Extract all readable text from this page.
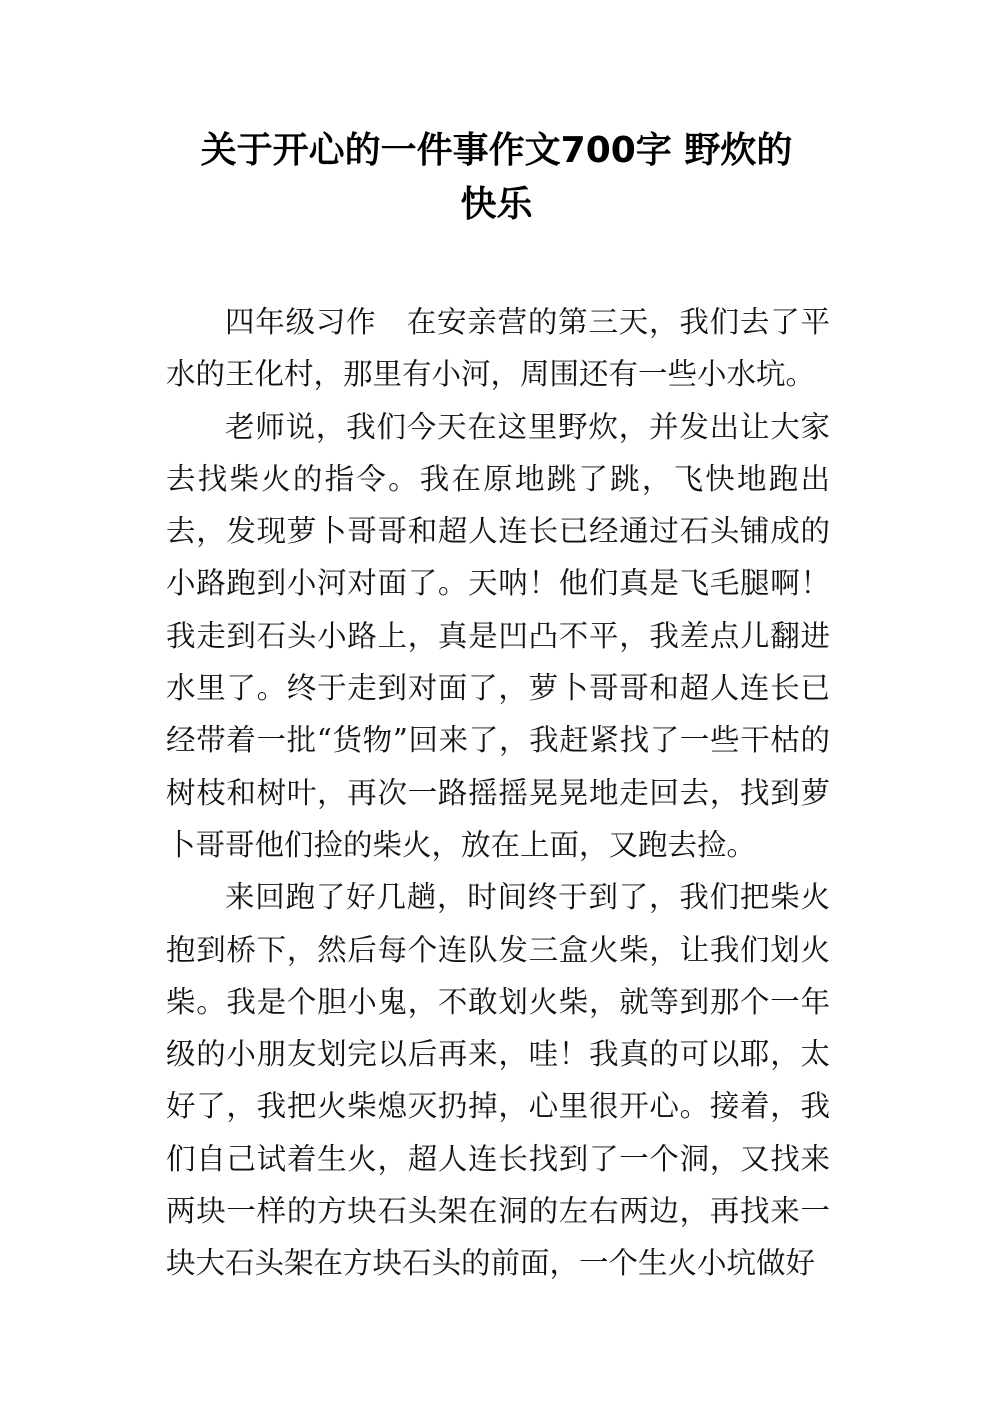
关于开心的一件事作文700字 野炊的
快乐

四年级习作　在安亲营的第三天，我们去了平水的王化村，那里有小河，周围还有一些小水坑。

老师说，我们今天在这里野炊，并发出让大家去找柴火的指令。我在原地跳了跳，飞快地跑出去，发现萝卜哥哥和超人连长已经通过石头铺成的小路跑到小河对面了。天呐！他们真是飞毛腿啊！我走到石头小路上，真是凹凸不平，我差点儿翻进水里了。终于走到对面了，萝卜哥哥和超人连长已经带着一批“货物”回来了，我赶紧找了一些干枯的树枝和树叶，再次一路摇摇晃晃地走回去，找到萝卜哥哥他们捡的柴火，放在上面，又跑去捡。

来回跑了好几趟，时间终于到了，我们把柴火抱到桥下，然后每个连队发三盒火柴，让我们划火柴。我是个胆小鬼，不敢划火柴，就等到那个一年级的小朋友划完以后再来，哇！我真的可以耶，太好了，我把火柴熄灭扔掉，心里很开心。接着，我们自己试着生火，超人连长找到了一个洞，又找来两块一样的方块石头架在洞的左右两边，再找来一块大石头架在方块石头的前面，一个生火小坑做好
